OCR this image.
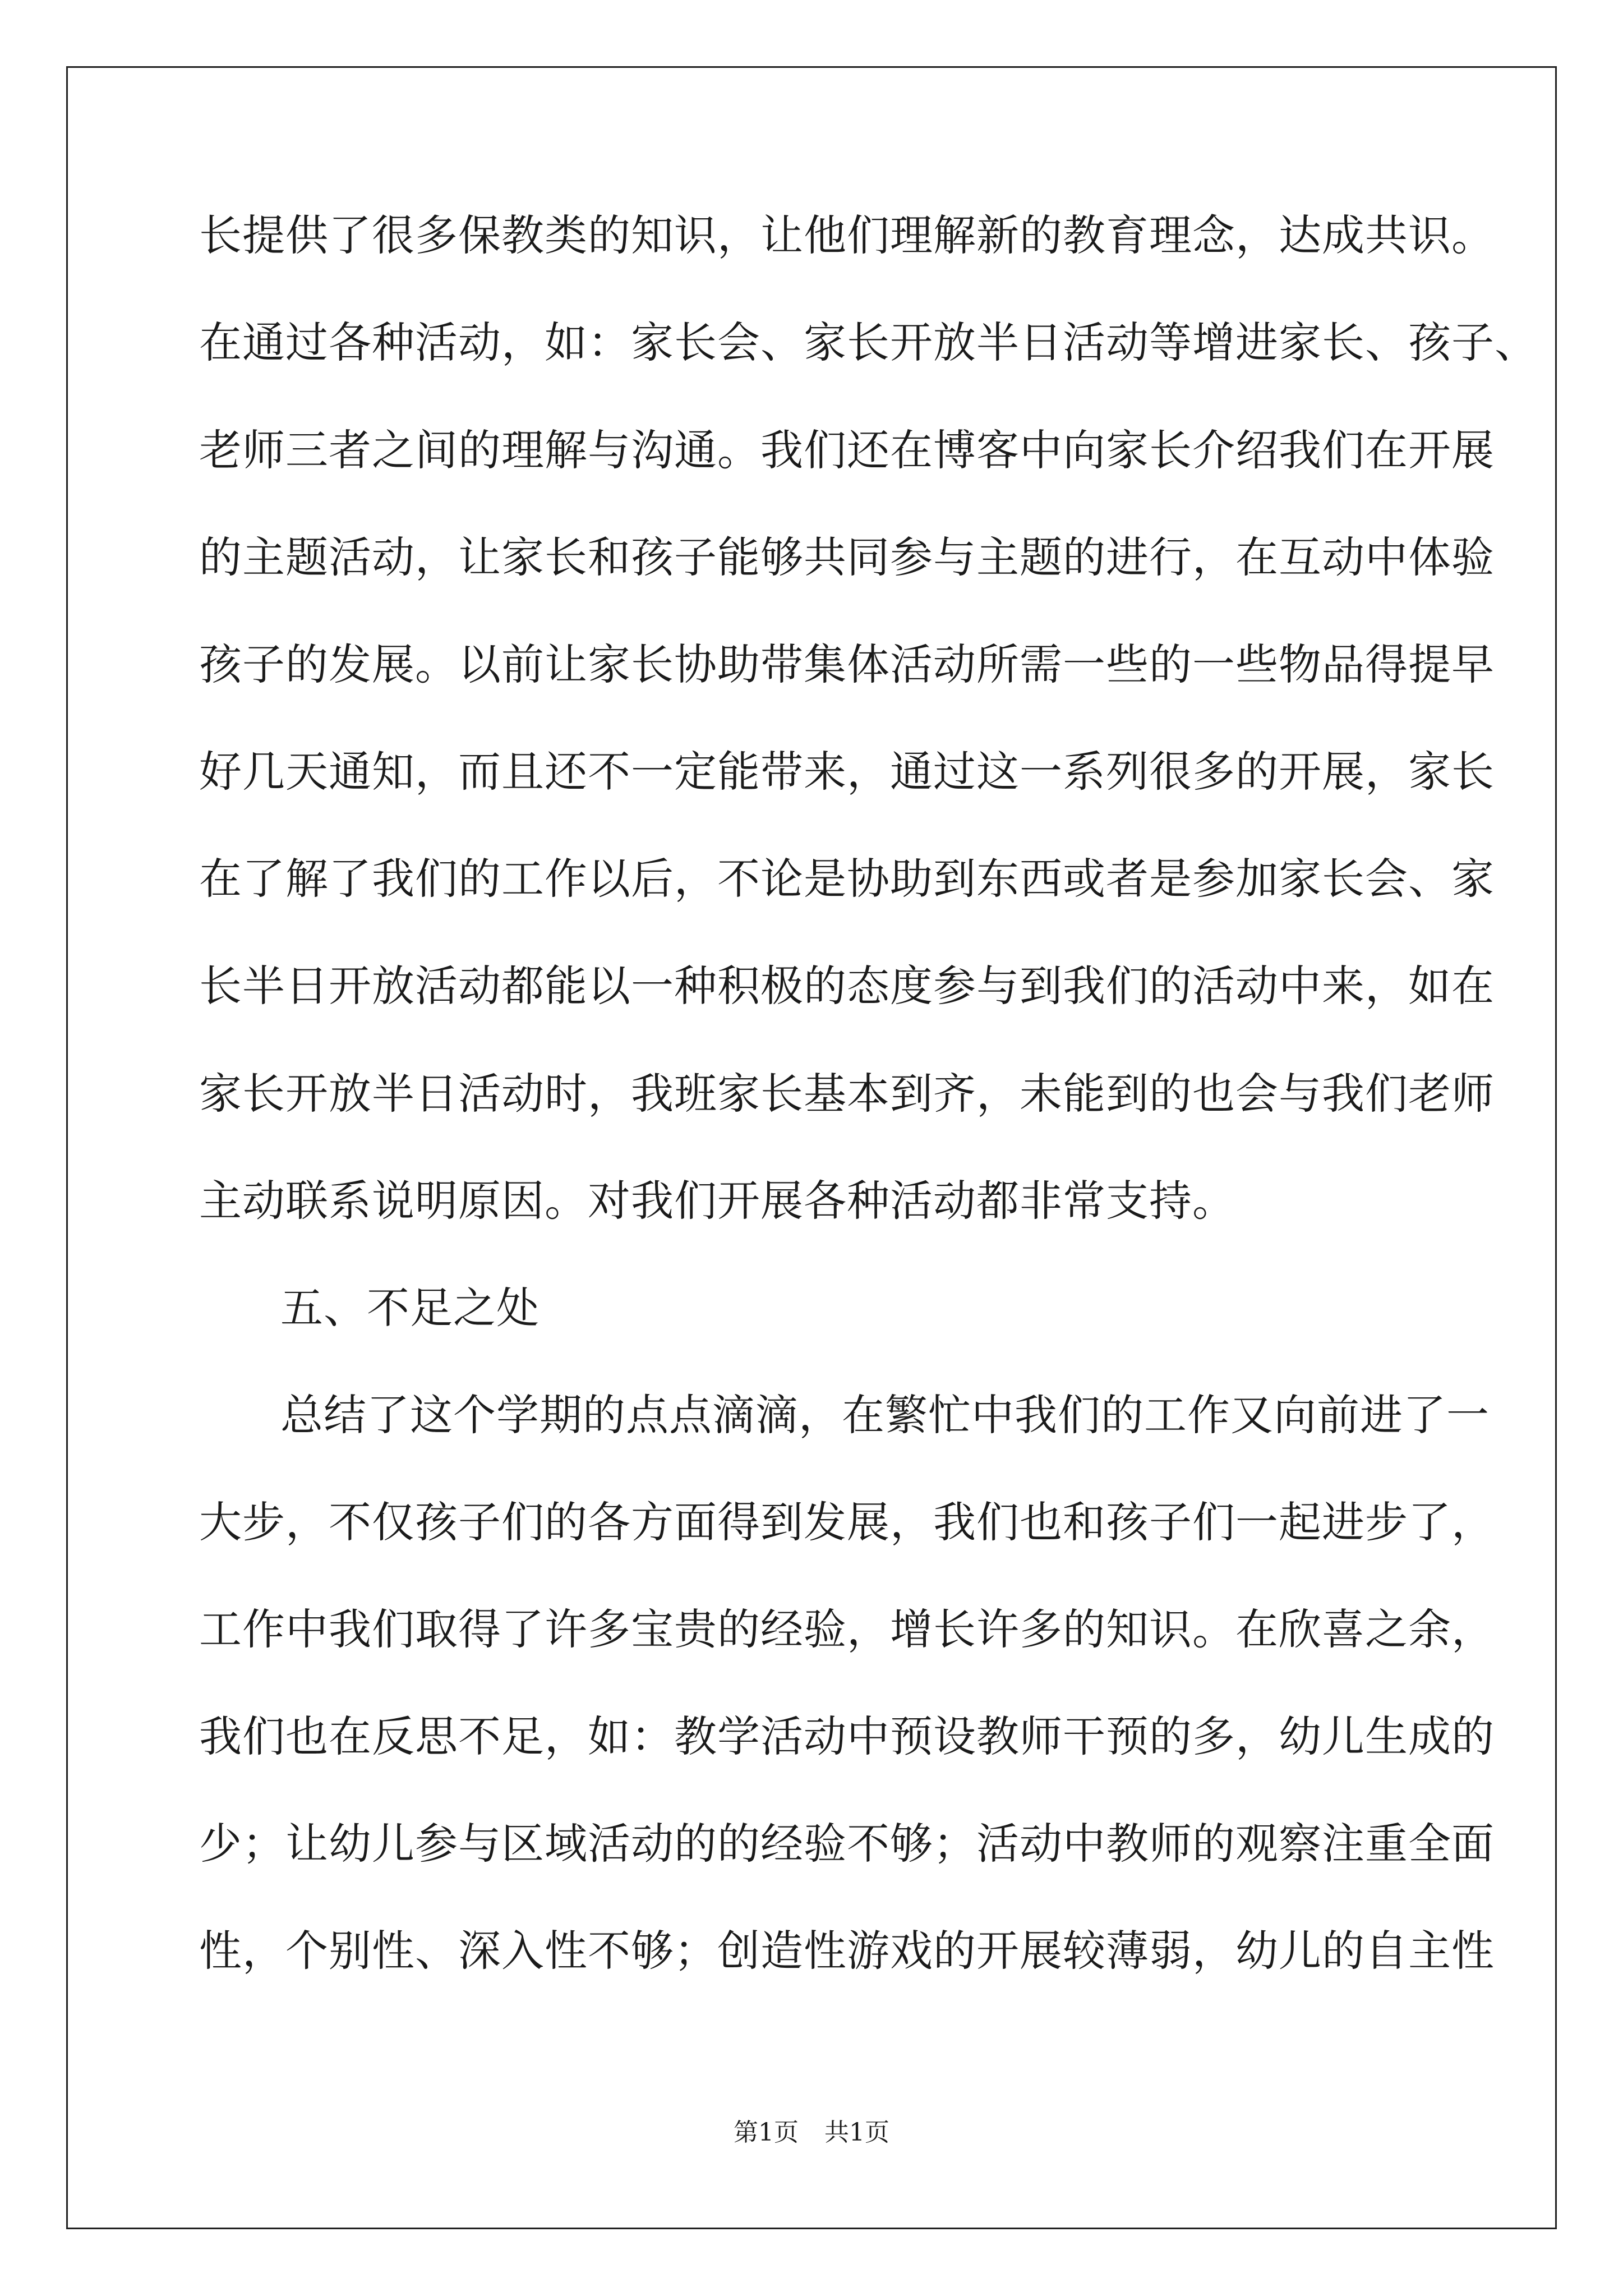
长提供了很多保教类的知识，让他们理解新的教育理念，达成共识。

在通过各种活动，如：家长会、家长开放半日活动等增进家长、孩子、

老师三者之间的理解与沟通。我们还在博客中向家长介绍我们在开展

的主题活动，让家长和孩子能够共同参与主题的进行，在互动中体验

孩子的发展。以前让家长协助带集体活动所需一些的一些物品得提早

好几天通知，而且还不一定能带来，通过这一系列很多的开展，家长

在了解了我们的工作以后，不论是协助到东西或者是参加家长会、家

长半日开放活动都能以一种积极的态度参与到我们的活动中来，如在

家长开放半日活动时，我班家长基本到齐，未能到的也会与我们老师

主动联系说明原因。对我们开展各种活动都非常支持。

五、不足之处

总结了这个学期的点点滴滴，在繁忙中我们的工作又向前进了一

大步，不仅孩子们的各方面得到发展，我们也和孩子们一起进步了，

工作中我们取得了许多宝贵的经验，增长许多的知识。在欣喜之余，

我们也在反思不足，如：教学活动中预设教师干预的多，幼儿生成的

少；让幼儿参与区域活动的的经验不够；活动中教师的观察注重全面

性，个别性、深入性不够；创造性游戏的开展较薄弱，幼儿的自主性

第1页 共1页
